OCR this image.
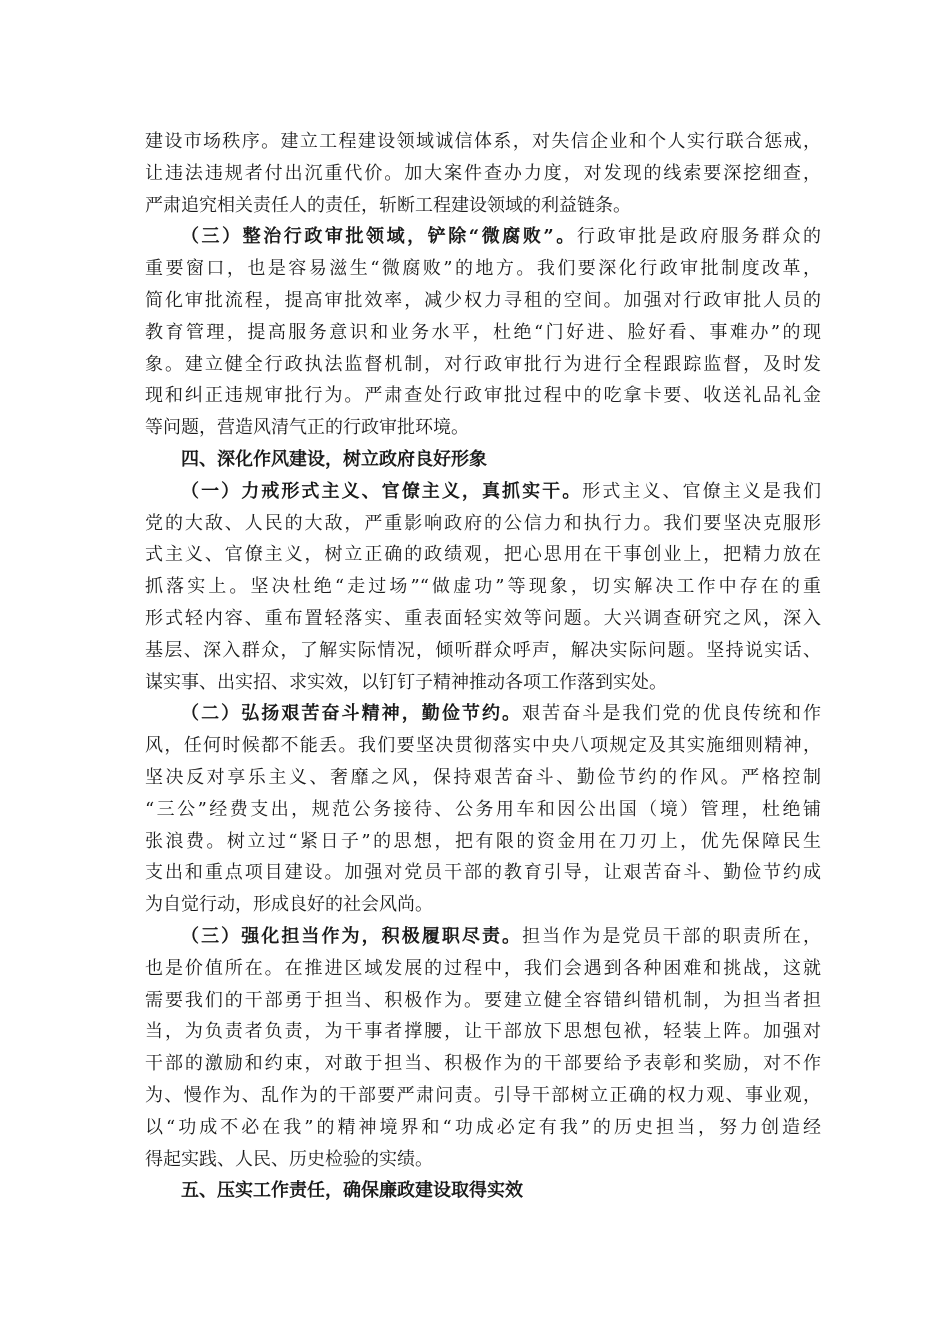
建设市场秩序。建立工程建设领域诚信体系，对失信企业和个人实行联合惩戒，
让违法违规者付出沉重代价。加大案件查办力度，对发现的线索要深挖细查，
严肃追究相关责任人的责任，斩断工程建设领域的利益链条。
（三）整治行政审批领域，铲除“微腐败”。行政审批是政府服务群众的
重要窗口，也是容易滋生“微腐败”的地方。我们要深化行政审批制度改革，
简化审批流程，提高审批效率，减少权力寻租的空间。加强对行政审批人员的
教育管理，提高服务意识和业务水平，杜绝“门好进、脸好看、事难办”的现
象。建立健全行政执法监督机制，对行政审批行为进行全程跟踪监督，及时发
现和纠正违规审批行为。严肃查处行政审批过程中的吃拿卡要、收送礼品礼金
等问题，营造风清气正的行政审批环境。
四、深化作风建设，树立政府良好形象
（一）力戒形式主义、官僚主义，真抓实干。形式主义、官僚主义是我们
党的大敌、人民的大敌，严重影响政府的公信力和执行力。我们要坚决克服形
式主义、官僚主义，树立正确的政绩观，把心思用在干事创业上，把精力放在
抓落实上。坚决杜绝“走过场”“做虚功”等现象，切实解决工作中存在的重
形式轻内容、重布置轻落实、重表面轻实效等问题。大兴调查研究之风，深入
基层、深入群众，了解实际情况，倾听群众呼声，解决实际问题。坚持说实话、
谋实事、出实招、求实效，以钉钉子精神推动各项工作落到实处。
（二）弘扬艰苦奋斗精神，勤俭节约。艰苦奋斗是我们党的优良传统和作
风，任何时候都不能丢。我们要坚决贯彻落实中央八项规定及其实施细则精神，
坚决反对享乐主义、奢靡之风，保持艰苦奋斗、勤俭节约的作风。严格控制
“三公”经费支出，规范公务接待、公务用车和因公出国（境）管理，杜绝铺
张浪费。树立过“紧日子”的思想，把有限的资金用在刀刃上，优先保障民生
支出和重点项目建设。加强对党员干部的教育引导，让艰苦奋斗、勤俭节约成
为自觉行动，形成良好的社会风尚。
（三）强化担当作为，积极履职尽责。担当作为是党员干部的职责所在，
也是价值所在。在推进区域发展的过程中，我们会遇到各种困难和挑战，这就
需要我们的干部勇于担当、积极作为。要建立健全容错纠错机制，为担当者担
当，为负责者负责，为干事者撑腰，让干部放下思想包袱，轻装上阵。加强对
干部的激励和约束，对敢于担当、积极作为的干部要给予表彰和奖励，对不作
为、慢作为、乱作为的干部要严肃问责。引导干部树立正确的权力观、事业观，
以“功成不必在我”的精神境界和“功成必定有我”的历史担当，努力创造经
得起实践、人民、历史检验的实绩。
五、压实工作责任，确保廉政建设取得实效
